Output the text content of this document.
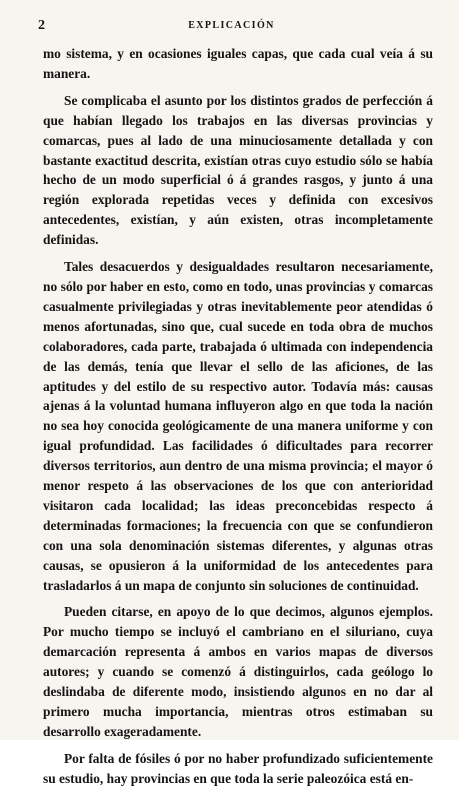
2	EXPLICACIÓN

mo sistema, y en ocasiones iguales capas, que cada cual veía á su manera.

Se complicaba el asunto por los distintos grados de perfección á que habían llegado los trabajos en las diversas provincias y comarcas, pues al lado de una minuciosamente detallada y con bastante exactitud descrita, existían otras cuyo estudio sólo se había hecho de un modo superficial ó á grandes rasgos, y junto á una región explorada repetidas veces y definida con excesivos antecedentes, existían, y aún existen, otras incompletamente definidas.

Tales desacuerdos y desigualdades resultaron necesariamente, no sólo por haber en esto, como en todo, unas provincias y comarcas casualmente privilegiadas y otras inevitablemente peor atendidas ó menos afortunadas, sino que, cual sucede en toda obra de muchos colaboradores, cada parte, trabajada ó ultimada con independencia de las demás, tenía que llevar el sello de las aficiones, de las aptitudes y del estilo de su respectivo autor. Todavía más: causas ajenas á la voluntad humana influyeron algo en que toda la nación no sea hoy conocida geológicamente de una manera uniforme y con igual profundidad. Las facilidades ó dificultades para recorrer diversos territorios, aun dentro de una misma provincia; el mayor ó menor respeto á las observaciones de los que con anterioridad visitaron cada localidad; las ideas preconcebidas respecto á determinadas formaciones; la frecuencia con que se confundieron con una sola denominación sistemas diferentes, y algunas otras causas, se opusieron á la uniformidad de los antecedentes para trasladarlos á un mapa de conjunto sin soluciones de continuidad.

Pueden citarse, en apoyo de lo que decimos, algunos ejemplos. Por mucho tiempo se incluyó el cambriano en el siluriano, cuya demarcación representa á ambos en varios mapas de diversos autores; y cuando se comenzó á distinguirlos, cada geólogo lo deslindaba de diferente modo, insistiendo algunos en no dar al primero mucha importancia, mientras otros estimaban su desarrollo exageradamente.

Por falta de fósiles ó por no haber profundizado suficientemente su estudio, hay provincias en que toda la serie paleozóica está en-
